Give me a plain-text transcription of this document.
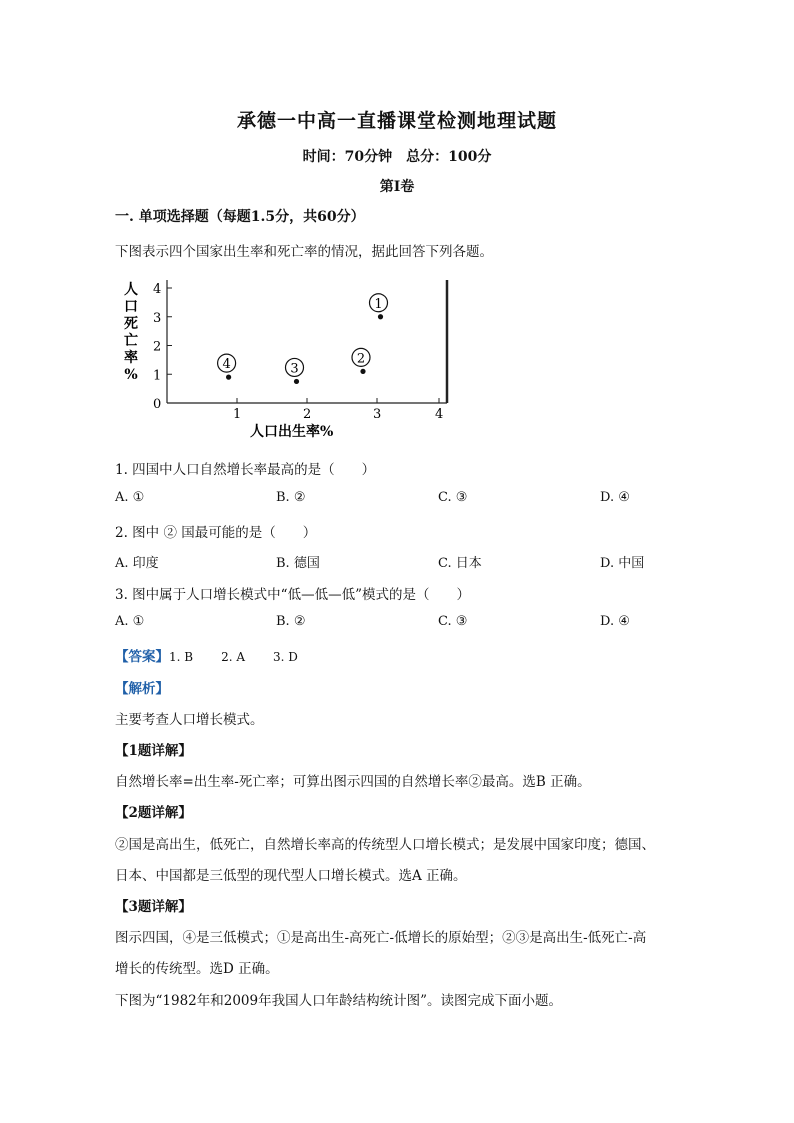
承德一中高一直播课堂检测地理试题
时间：70分钟　总分：100分
第Ⅰ卷
一. 单项选择题（每题1.5分，共60分）
下图表示四个国家出生率和死亡率的情况，据此回答下列各题。
0
1
2
3
4
1	2	3	4
1
2
3
4
人
口
死
亡
率
%
人口出生率%
1. 四国中人口自然增长率最高的是（　　）
A. ①	B. ②	C. ③	D. ④
2. 图中 ② 国最可能的是（　　）
A. 印度	B. 德国	C. 日本	D. 中国
3. 图中属于人口增长模式中“低—低—低”模式的是（　　）
A. ①	B. ②	C. ③	D. ④
【答案】1. B 2. A 3. D
【解析】
主要考查人口增长模式。
【1题详解】
自然增长率=出生率-死亡率；可算出图示四国的自然增长率②最高。选B 正确。
【2题详解】
②国是高出生，低死亡，自然增长率高的传统型人口增长模式；是发展中国家印度；德国、
日本、中国都是三低型的现代型人口增长模式。选A 正确。
【3题详解】
图示四国，④是三低模式；①是高出生-高死亡-低增长的原始型；②③是高出生-低死亡-高
增长的传统型。选D 正确。
下图为“1982年和2009年我国人口年龄结构统计图”。读图完成下面小题。
